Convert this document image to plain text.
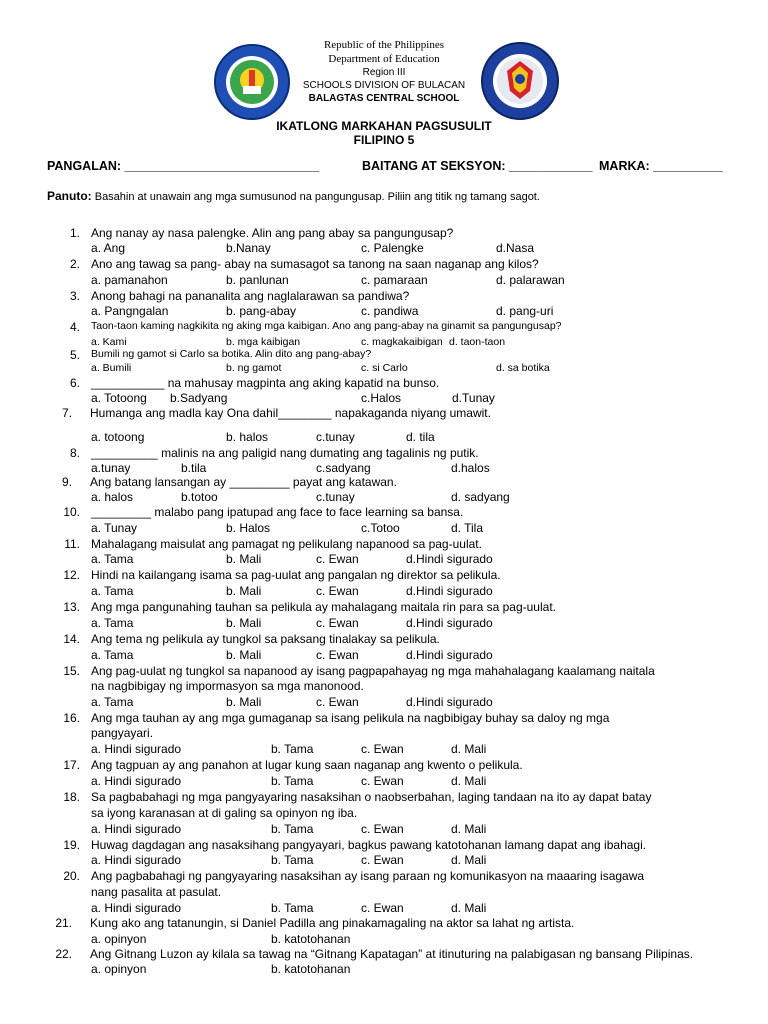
Republic of the Philippines
Department of Education
Region III
SCHOOLS DIVISION OF BULACAN
BALAGTAS CENTRAL SCHOOL
IKATLONG MARKAHAN PAGSUSULIT
FILIPINO 5
PANGALAN: ____________________________	BAITANG AT SEKSYON: ____________ MARKA: __________
Panuto: Basahin at unawain ang mga sumusunod na pangungusap. Piliin ang titik ng tamang sagot.
1. Ang nanay ay nasa palengke. Alin ang pang abay sa pangungusap?
a. Ang	b.Nanay	c. Palengke	d.Nasa
2. Ano ang tawag sa pang- abay na sumasagot sa tanong na saan naganap ang kilos?
a. pamanahon	b. panlunan	c. pamaraan	d. palarawan
3. Anong bahagi na pananalita ang naglalarawan sa pandiwa?
a. Pangngalan	b. pang-abay	c. pandiwa	d. pang-uri
4. Taon-taon kaming nagkikita ng aking mga kaibigan. Ano ang pang-abay na ginamit sa pangungusap?
a. Kami	b. mga kaibigan	c. magkakaibigan d. taon-taon
5. Bumili ng gamot si Carlo sa botika. Alin dito ang pang-abay?
a. Bumili	b. ng gamot	c. si Carlo	d. sa botika
6. ___________ na mahusay magpinta ang aking kapatid na bunso.
a. Totoong b.Sadyang	c.Halos	d.Tunay
7. Humanga ang madla kay Ona dahil________ napakaganda niyang umawit.
a. totoong	b. halos	c.tunay	d. tila
8. __________ malinis na ang paligid nang dumating ang tagalinis ng putik.
a.tunay	b.tila	c.sadyang	d.halos
9. Ang batang lansangan ay _________ payat ang katawan.
a. halos	b.totoo	c.tunay	d. sadyang
10. _________ malabo pang ipatupad ang face to face learning sa bansa.
a. Tunay	b. Halos	c.Totoo	d. Tila
11. Mahalagang maisulat ang pamagat ng pelikulang napanood sa pag-uulat.
a. Tama	b. Mali	c. Ewan	d.Hindi sigurado
12. Hindi na kailangang isama sa pag-uulat ang pangalan ng direktor sa pelikula.
a. Tama	b. Mali	c. Ewan	d.Hindi sigurado
13. Ang mga pangunahing tauhan sa pelikula ay mahalagang maitala rin para sa pag-uulat.
a. Tama	b. Mali	c. Ewan	d.Hindi sigurado
14. Ang tema ng pelikula ay tungkol sa paksang tinalakay sa pelikula.
a. Tama	b. Mali	c. Ewan	d.Hindi sigurado
15. Ang pag-uulat ng tungkol sa napanood ay isang pagpapahayag ng mga mahahalagang kaalamang naitala
na nagbibigay ng impormasyon sa mga manonood.
a. Tama	b. Mali	c. Ewan	d.Hindi sigurado
16. Ang mga tauhan ay ang mga gumaganap sa isang pelikula na nagbibigay buhay sa daloy ng mga
pangyayari.
a. Hindi sigurado	b. Tama	c. Ewan	d. Mali
17. Ang tagpuan ay ang panahon at lugar kung saan naganap ang kwento o pelikula.
a. Hindi sigurado	b. Tama	c. Ewan	d. Mali
18. Sa pagbabahagi ng mga pangyayaring nasaksihan o naobserbahan, laging tandaan na ito ay dapat batay
sa iyong karanasan at di galing sa opinyon ng iba.
a. Hindi sigurado	b. Tama	c. Ewan	d. Mali
19. Huwag dagdagan ang nasaksihang pangyayari, bagkus pawang katotohanan lamang dapat ang ibahagi.
a. Hindi sigurado	b. Tama	c. Ewan	d. Mali
20. Ang pagbabahagi ng pangyayaring nasaksihan ay isang paraan ng komunikasyon na maaaring isagawa
nang pasalita at pasulat.
a. Hindi sigurado	b. Tama	c. Ewan	d. Mali
21. Kung ako ang tatanungin, si Daniel Padilla ang pinakamagaling na aktor sa lahat ng artista.
a. opinyon	b. katotohanan
22. Ang Gitnang Luzon ay kilala sa tawag na “Gitnang Kapatagan” at itinuturing na palabigasan ng bansang Pilipinas.
a. opinyon	b. katotohanan
